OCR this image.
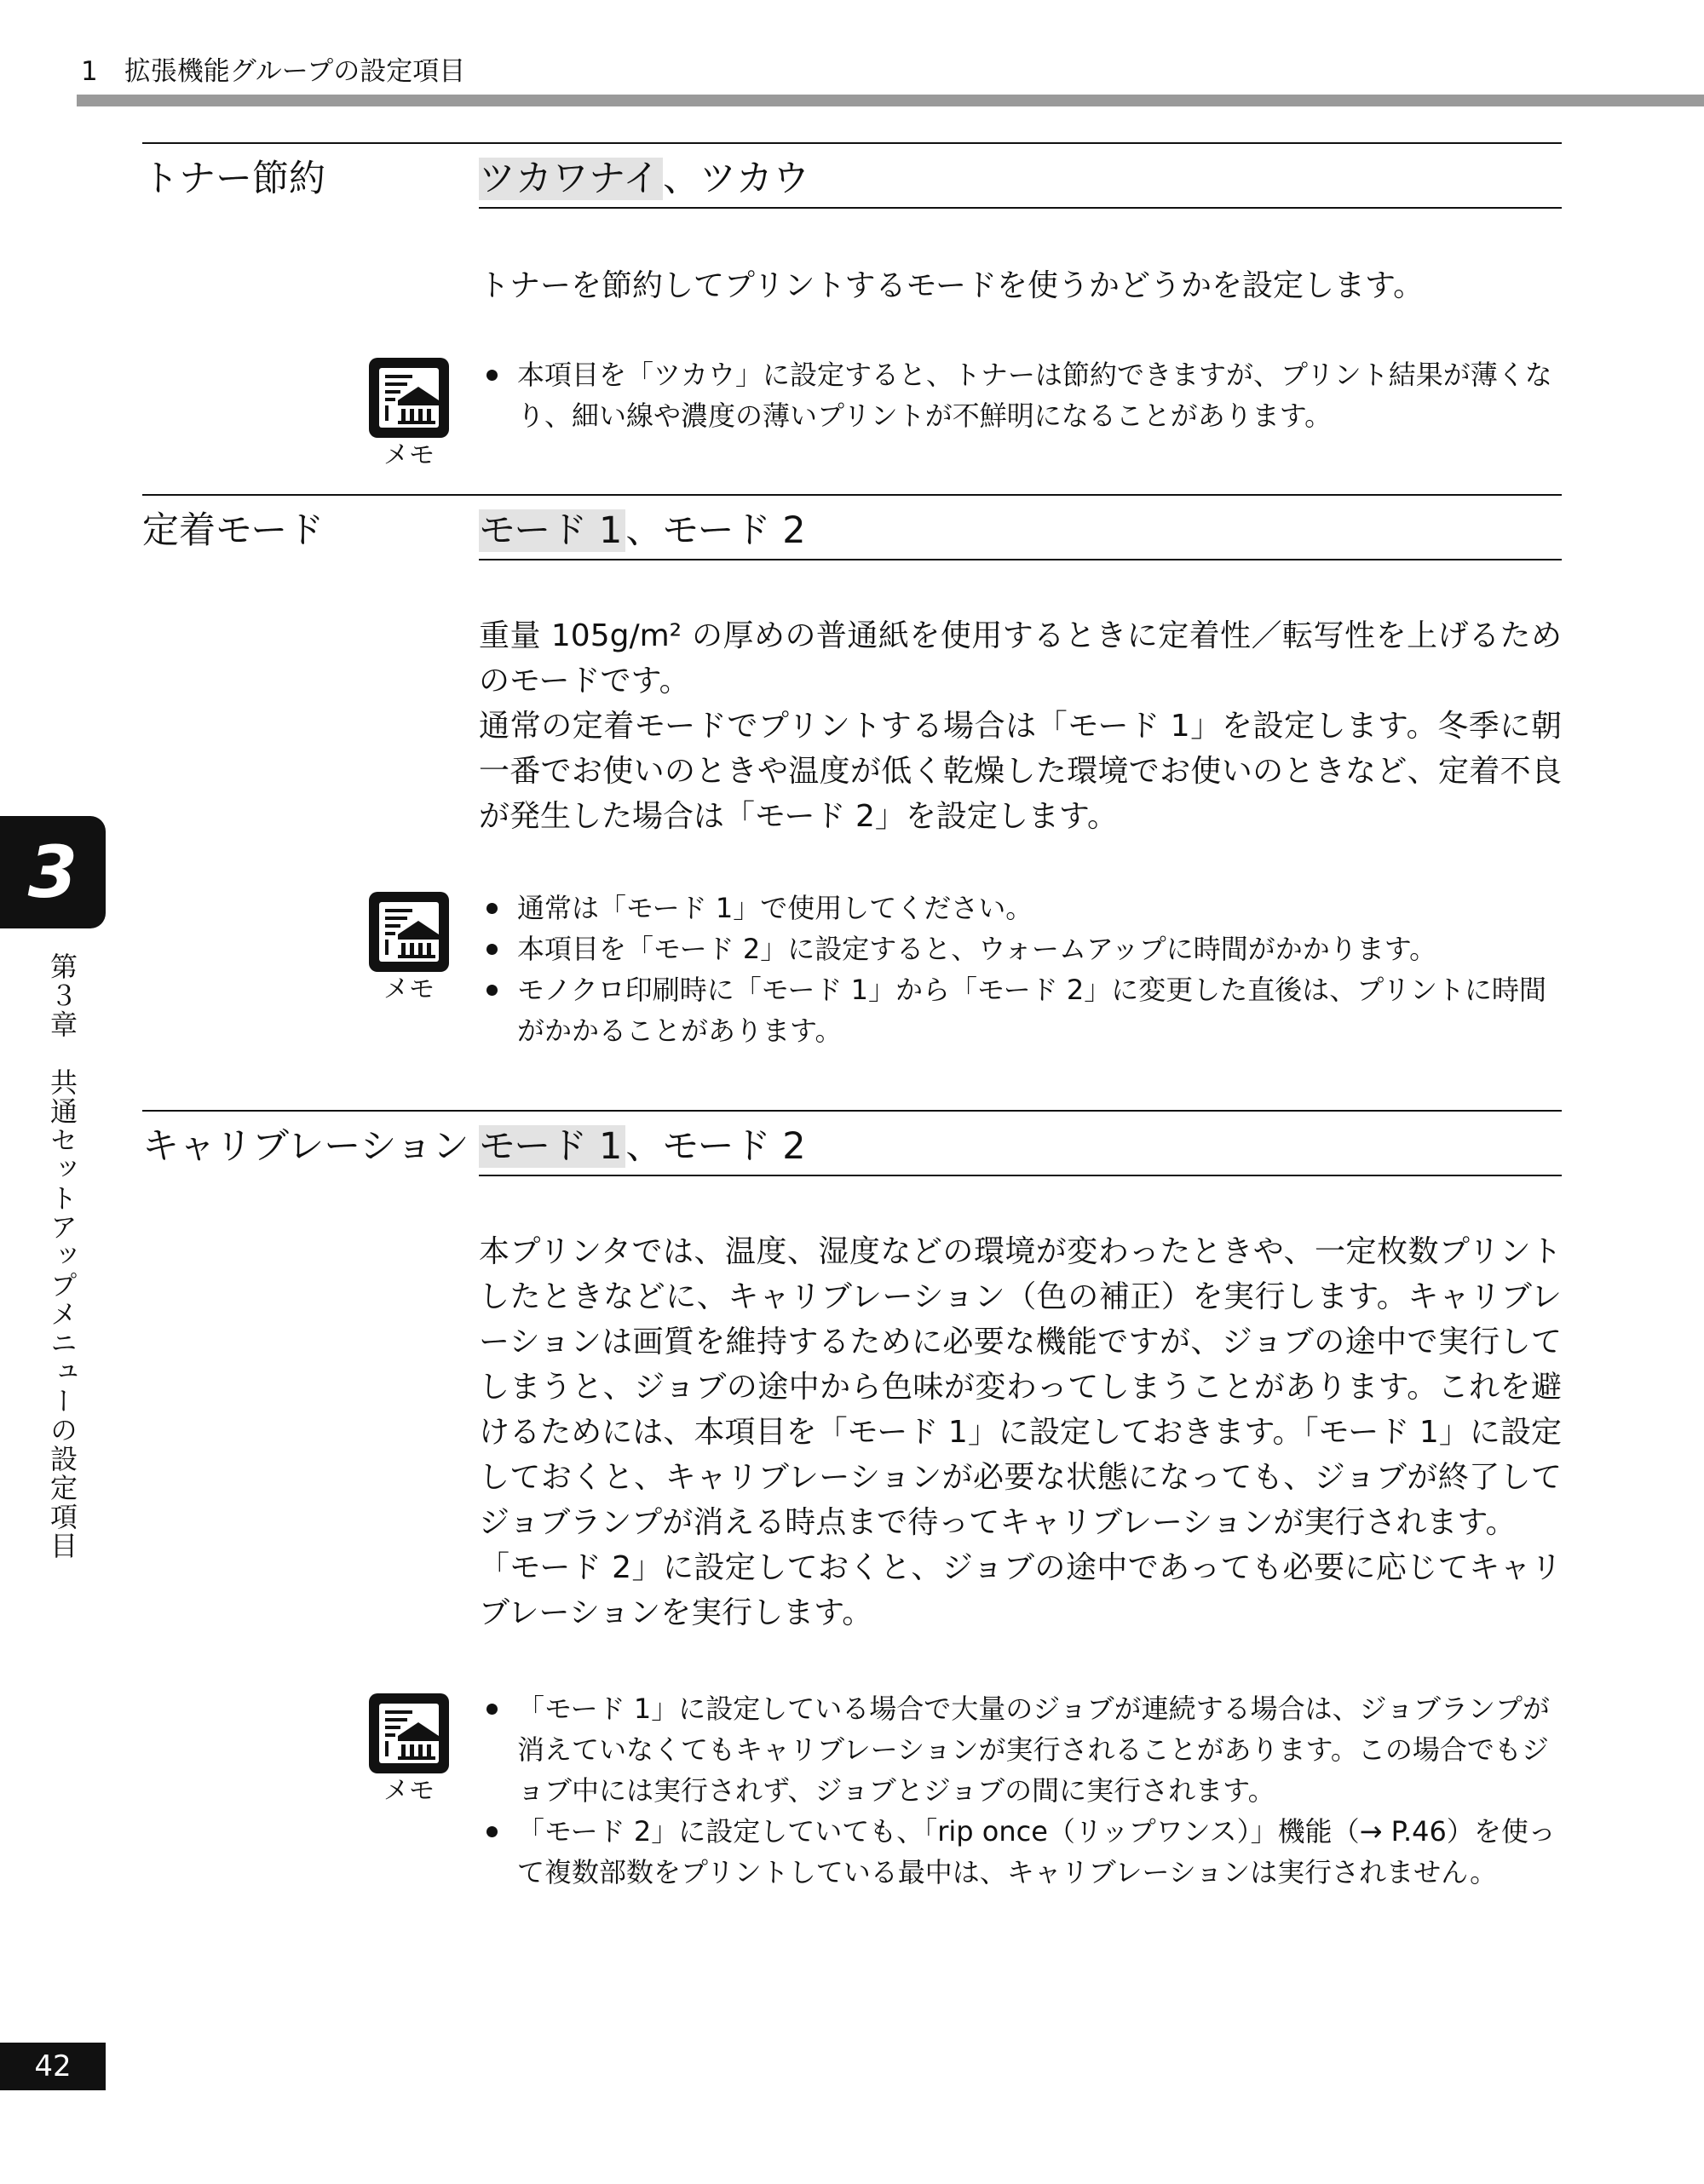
1　拡張機能グループの設定項目
トナー節約	ツカワナイ、ツカウ

トナーを節約してプリントするモードを使うかどうかを設定します。

メモ
本項目を「ツカウ」に設定すると、トナーは節約できますが、プリント結果が薄くなり、細い線や濃度の薄いプリントが不鮮明になることがあります。
定着モード	モード 1、モード 2

重量 105g/m² の厚めの普通紙を使用するときに定着性／転写性を上げるためのモードです。

通常の定着モードでプリントする場合は「モード 1」を設定します。冬季に朝一番でお使いのときや温度が低く乾燥した環境でお使いのときなど、定着不良が発生した場合は「モード 2」を設定します。

メモ
通常は「モード 1」で使用してください。
本項目を「モード 2」に設定すると、ウォームアップに時間がかかります。
モノクロ印刷時に「モード 1」から「モード 2」に変更した直後は、プリントに時間がかかることがあります。
キャリブレーション モード 1、モード 2

本プリンタでは、温度、湿度などの環境が変わったときや、一定枚数プリントしたときなどに、キャリブレーション（色の補正）を実行します。キャリブレーションは画質を維持するために必要な機能ですが、ジョブの途中で実行してしまうと、ジョブの途中から色味が変わってしまうことがあります。これを避けるためには、本項目を「モード 1」に設定しておきます。「モード 1」に設定しておくと、キャリブレーションが必要な状態になっても、ジョブが終了してジョブランプが消える時点まで待ってキャリブレーションが実行されます。

「モード 2」に設定しておくと、ジョブの途中であっても必要に応じてキャリブレーションを実行します。

メモ
「モード 1」に設定している場合で大量のジョブが連続する場合は、ジョブランプが消えていなくてもキャリブレーションが実行されることがあります。この場合でもジョブ中には実行されず、ジョブとジョブの間に実行されます。
「モード 2」に設定していても、「rip once（リップワンス）」機能（→ P.46）を使って複数部数をプリントしている最中は、キャリブレーションは実行されません。
3
第３章　共通セットアップメニューの設定項目
42
